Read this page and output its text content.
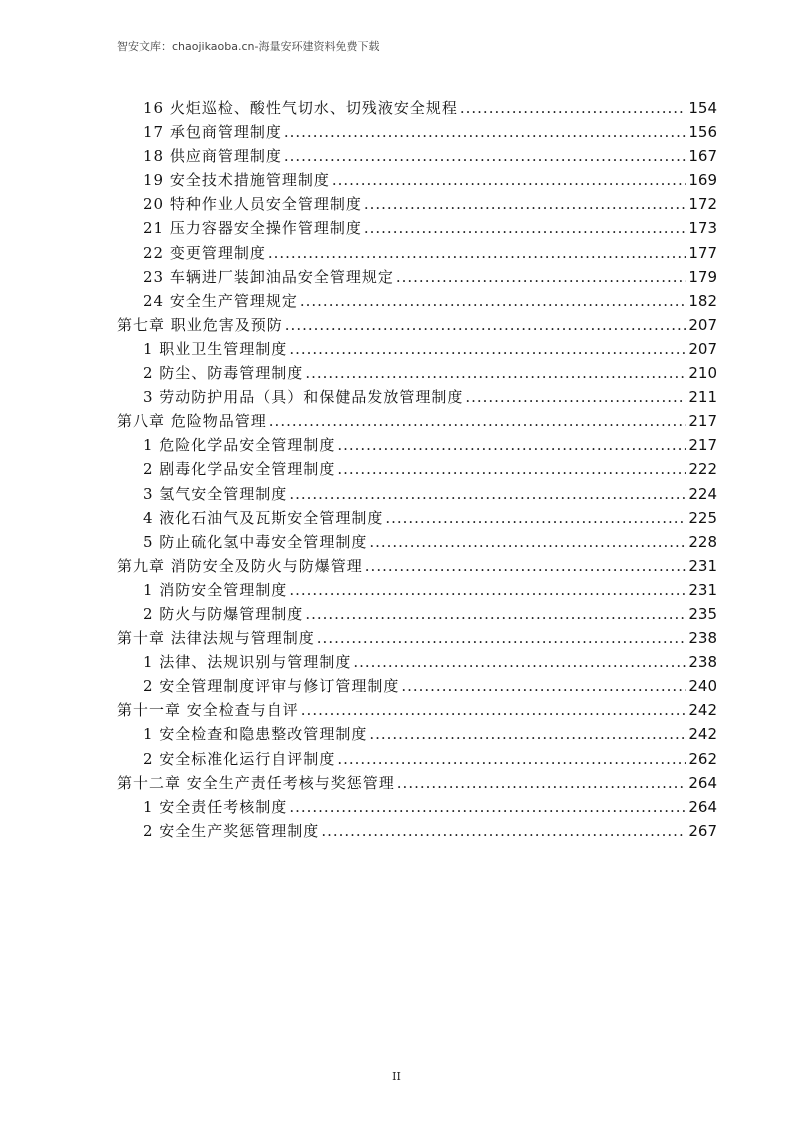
智安文库：chaojikaoba.cn-海量安环建资料免费下载
16 火炬巡检、酸性气切水、切残液安全规程 .....	154
17 承包商管理制度 .....	156
18 供应商管理制度 .....	167
19 安全技术措施管理制度 .....	169
20 特种作业人员安全管理制度 .....	172
21 压力容器安全操作管理制度 .....	173
22 变更管理制度 .....	177
23 车辆进厂装卸油品安全管理规定 .....	179
24 安全生产管理规定 .....	182
第七章 职业危害及预防 .....	207
1 职业卫生管理制度 .....	207
2 防尘、防毒管理制度 .....	210
3 劳动防护用品（具）和保健品发放管理制度 .....	211
第八章 危险物品管理 .....	217
1 危险化学品安全管理制度 .....	217
2 剧毒化学品安全管理制度 .....	222
3 氢气安全管理制度 .....	224
4 液化石油气及瓦斯安全管理制度 .....	225
5 防止硫化氢中毒安全管理制度 .....	228
第九章 消防安全及防火与防爆管理 .....	231
1 消防安全管理制度 .....	231
2 防火与防爆管理制度 .....	235
第十章 法律法规与管理制度 .....	238
1 法律、法规识别与管理制度 .....	238
2 安全管理制度评审与修订管理制度 .....	240
第十一章 安全检查与自评 .....	242
1 安全检查和隐患整改管理制度 .....	242
2 安全标准化运行自评制度 .....	262
第十二章 安全生产责任考核与奖惩管理 .....	264
1 安全责任考核制度 .....	264
2 安全生产奖惩管理制度 .....	267
II
